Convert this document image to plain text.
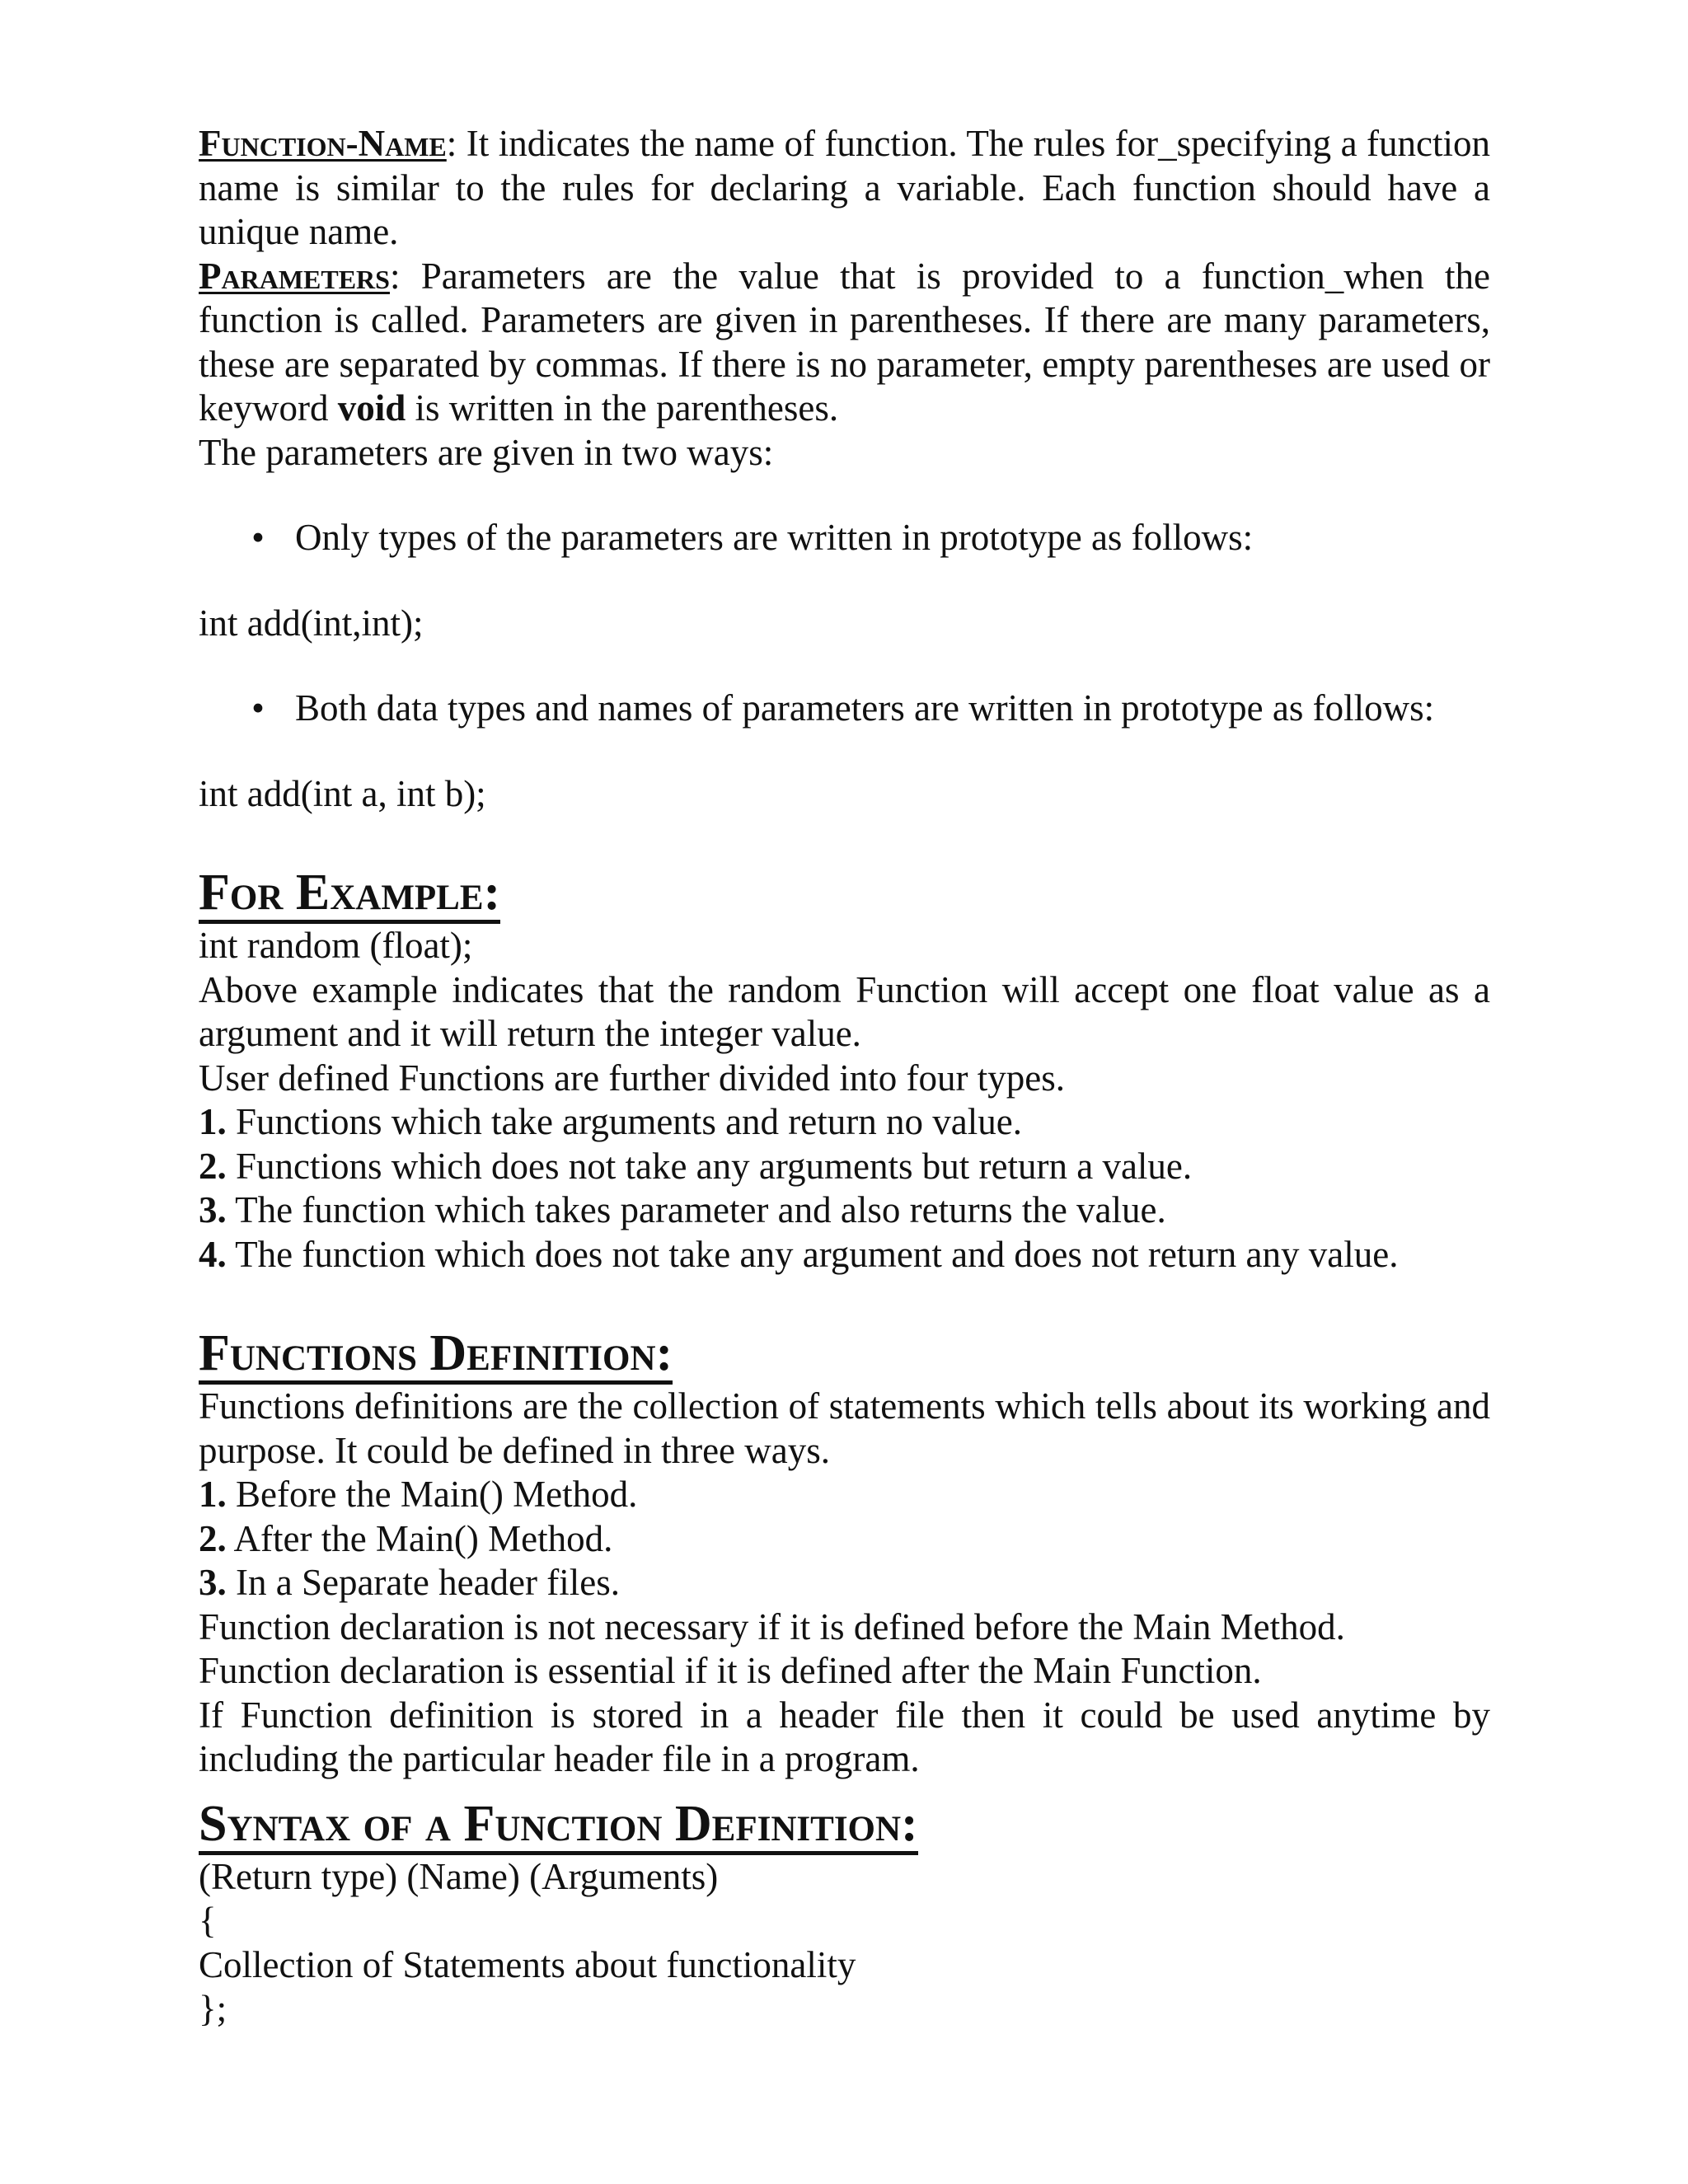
Function-Name: It indicates the name of function. The rules for_specifying a function name is similar to the rules for declaring a variable. Each function should have a unique name.

Parameters: Parameters are the value that is provided to a function_when the function is called. Parameters are given in parentheses. If there are many parameters, these are separated by commas. If there is no parameter, empty parentheses are used or keyword void is written in the parentheses.

The parameters are given in two ways:

• Only types of the parameters are written in prototype as follows:

int add(int,int);

• Both data types and names of parameters are written in prototype as follows:

int add(int a, int b);

For Example:

int random (float);

Above example indicates that the random Function will accept one float value as a argument and it will return the integer value.

User defined Functions are further divided into four types.

1. Functions which take arguments and return no value.

2. Functions which does not take any arguments but return a value.

3. The function which takes parameter and also returns the value.

4. The function which does not take any argument and does not return any value.

Functions Definition:

Functions definitions are the collection of statements which tells about its working and purpose. It could be defined in three ways.

1. Before the Main() Method.

2. After the Main() Method.

3. In a Separate header files.

Function declaration is not necessary if it is defined before the Main Method.

Function declaration is essential if it is defined after the Main Function.

If Function definition is stored in a header file then it could be used anytime by including the particular header file in a program.

Syntax of a Function Definition:

(Return type) (Name) (Arguments)

{

Collection of Statements about functionality

};
